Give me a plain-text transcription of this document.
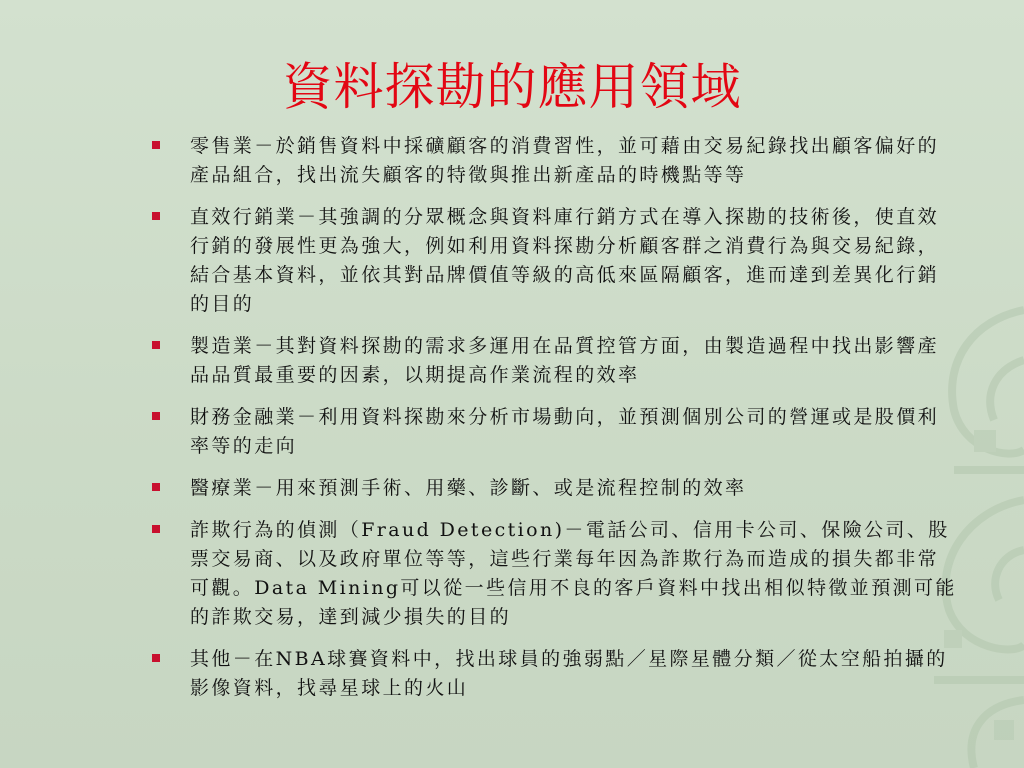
資料探勘的應用領域
零售業－於銷售資料中採礦顧客的消費習性，並可藉由交易紀錄找出顧客偏好的產品組合，找出流失顧客的特徵與推出新產品的時機點等等
直效行銷業－其強調的分眾概念與資料庫行銷方式在導入探勘的技術後，使直效行銷的發展性更為強大，例如利用資料探勘分析顧客群之消費行為與交易紀錄，結合基本資料，並依其對品牌價值等級的高低來區隔顧客，進而達到差異化行銷的目的
製造業－其對資料探勘的需求多運用在品質控管方面，由製造過程中找出影響產品品質最重要的因素，以期提高作業流程的效率
財務金融業－利用資料探勘來分析市場動向，並預測個別公司的營運或是股價利率等的走向
醫療業－用來預測手術、用藥、診斷、或是流程控制的效率
詐欺行為的偵測（Fraud Detection)－電話公司、信用卡公司、保險公司、股票交易商、以及政府單位等等，這些行業每年因為詐欺行為而造成的損失都非常可觀。Data Mining可以從一些信用不良的客戶資料中找出相似特徵並預測可能的詐欺交易，達到減少損失的目的
其他－在NBA球賽資料中，找出球員的強弱點／星際星體分類／從太空船拍攝的影像資料，找尋星球上的火山
